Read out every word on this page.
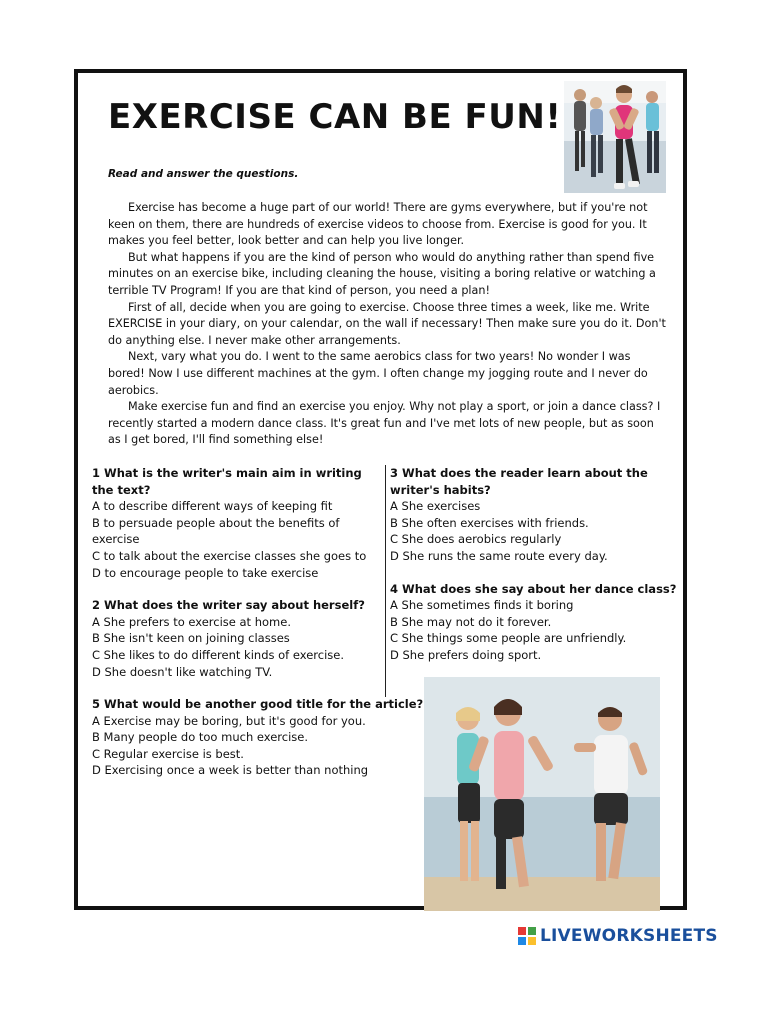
EXERCISE CAN BE FUN!

Read and answer the questions.

Exercise has become a huge part of our world! There are gyms everywhere, but if you're not keen on them, there are hundreds of exercise videos to choose from. Exercise is good for you. It makes you feel better, look better and can help you live longer.

But what happens if you are the kind of person who would do anything rather than spend five minutes on an exercise bike, including cleaning the house, visiting a boring relative or watching a terrible TV Program! If you are that kind of person, you need a plan!

First of all, decide when you are going to exercise. Choose three times a week, like me. Write EXERCISE in your diary, on your calendar, on the wall if necessary! Then make sure you do it. Don't do anything else. I never make other arrangements.

Next, vary what you do. I went to the same aerobics class for two years! No wonder I was bored! Now I use different machines at the gym. I often change my jogging route and I never do aerobics.

Make exercise fun and find an exercise you enjoy. Why not play a sport, or join a dance class? I recently started a modern dance class. It's great fun and I've met lots of new people, but as soon as I get bored, I'll find something else!

1 What is the writer's main aim in writing the text?
A to describe different ways of keeping fit
B to persuade people about the benefits of exercise
C to talk about the exercise classes she goes to
D to encourage people to take exercise
2 What does the writer say about herself?
A She prefers to exercise at home.
B She isn't keen on joining classes
C She likes to do different kinds of exercise.
D She doesn't like watching TV.
3 What does the reader learn about the writer's habits?
A She exercises
B She often exercises with friends.
C She does aerobics regularly
D She runs the same route every day.
4 What does she say about her dance class?
A She sometimes finds it boring
B She may not do it forever.
C She things some people are unfriendly.
D She prefers doing sport.
5 What would be another good title for the article?
A Exercise may be boring, but it's good for you.
B Many people do too much exercise.
C Regular exercise is best.
D Exercising once a week is better than nothing
LIVEWORKSHEETS
